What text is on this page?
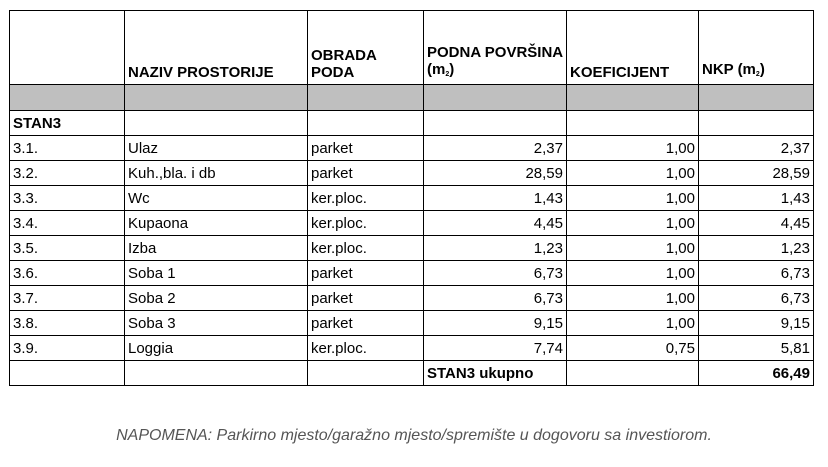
	NAZIV PROSTORIJE	OBRADA PODA	PODNA POVRŠINA $(m_2)$	KOEFICIJENT	NKP $(m_2)$

STAN3					
3.1.	Ulaz	parket	2,37	1,00	2,37
3.2.	Kuh.,bla. i db	parket	28,59	1,00	28,59
3.3.	Wc	ker.ploc.	1,43	1,00	1,43
3.4.	Kupaona	ker.ploc.	4,45	1,00	4,45
3.5.	Izba	ker.ploc.	1,23	1,00	1,23
3.6.	Soba 1	parket	6,73	1,00	6,73
3.7.	Soba 2	parket	6,73	1,00	6,73
3.8.	Soba 3	parket	9,15	1,00	9,15
3.9.	Loggia	ker.ploc.	7,74	0,75	5,81
			STAN3 ukupno		66,49
NAPOMENA: Parkirno mjesto/garažno mjesto/spremište u dogovoru sa investiorom.
